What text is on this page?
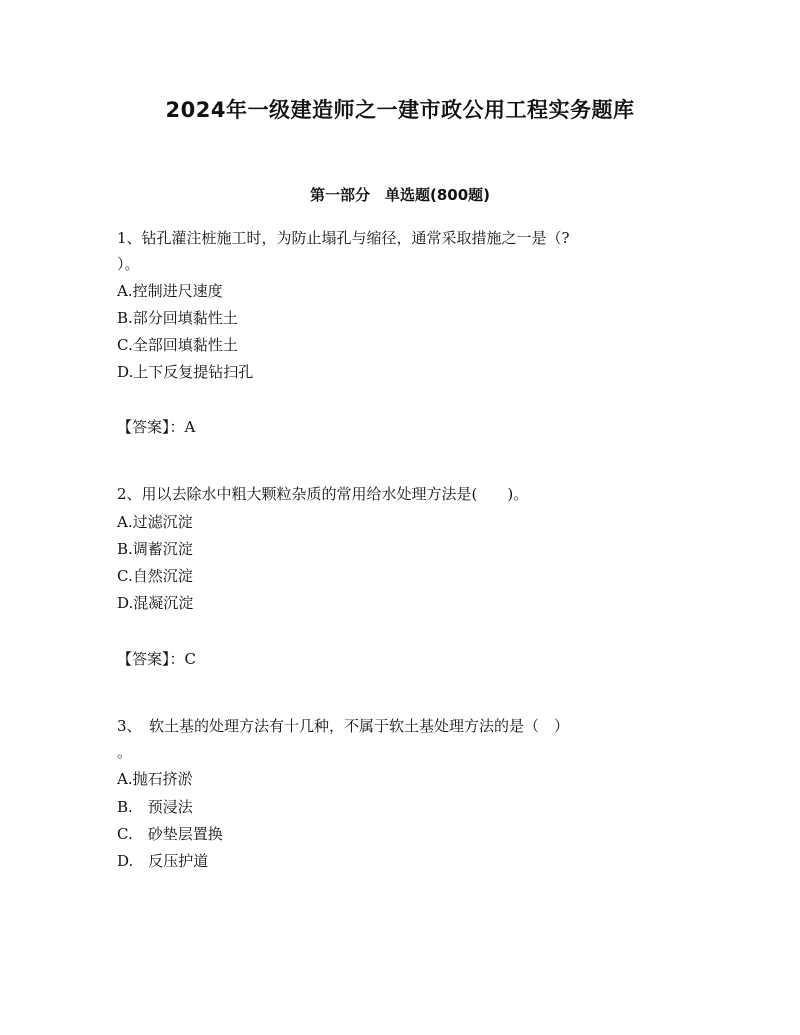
2024年一级建造师之一建市政公用工程实务题库
第一部分　单选题(800题)
1、钻孔灌注桩施工时，为防止塌孔与缩径，通常采取措施之一是（?
）。
A.控制进尺速度
B.部分回填黏性土
C.全部回填黏性土
D.上下反复提钻扫孔
【答案】：A
2、用以去除水中粗大颗粒杂质的常用给水处理方法是(　　)。
A.过滤沉淀
B.调蓄沉淀
C.自然沉淀
D.混凝沉淀
【答案】：C
3、　软土基的处理方法有十几种，不属于软土基处理方法的是（　）
。
A.抛石挤淤
B.　预浸法
C.　砂垫层置换
D.　反压护道
